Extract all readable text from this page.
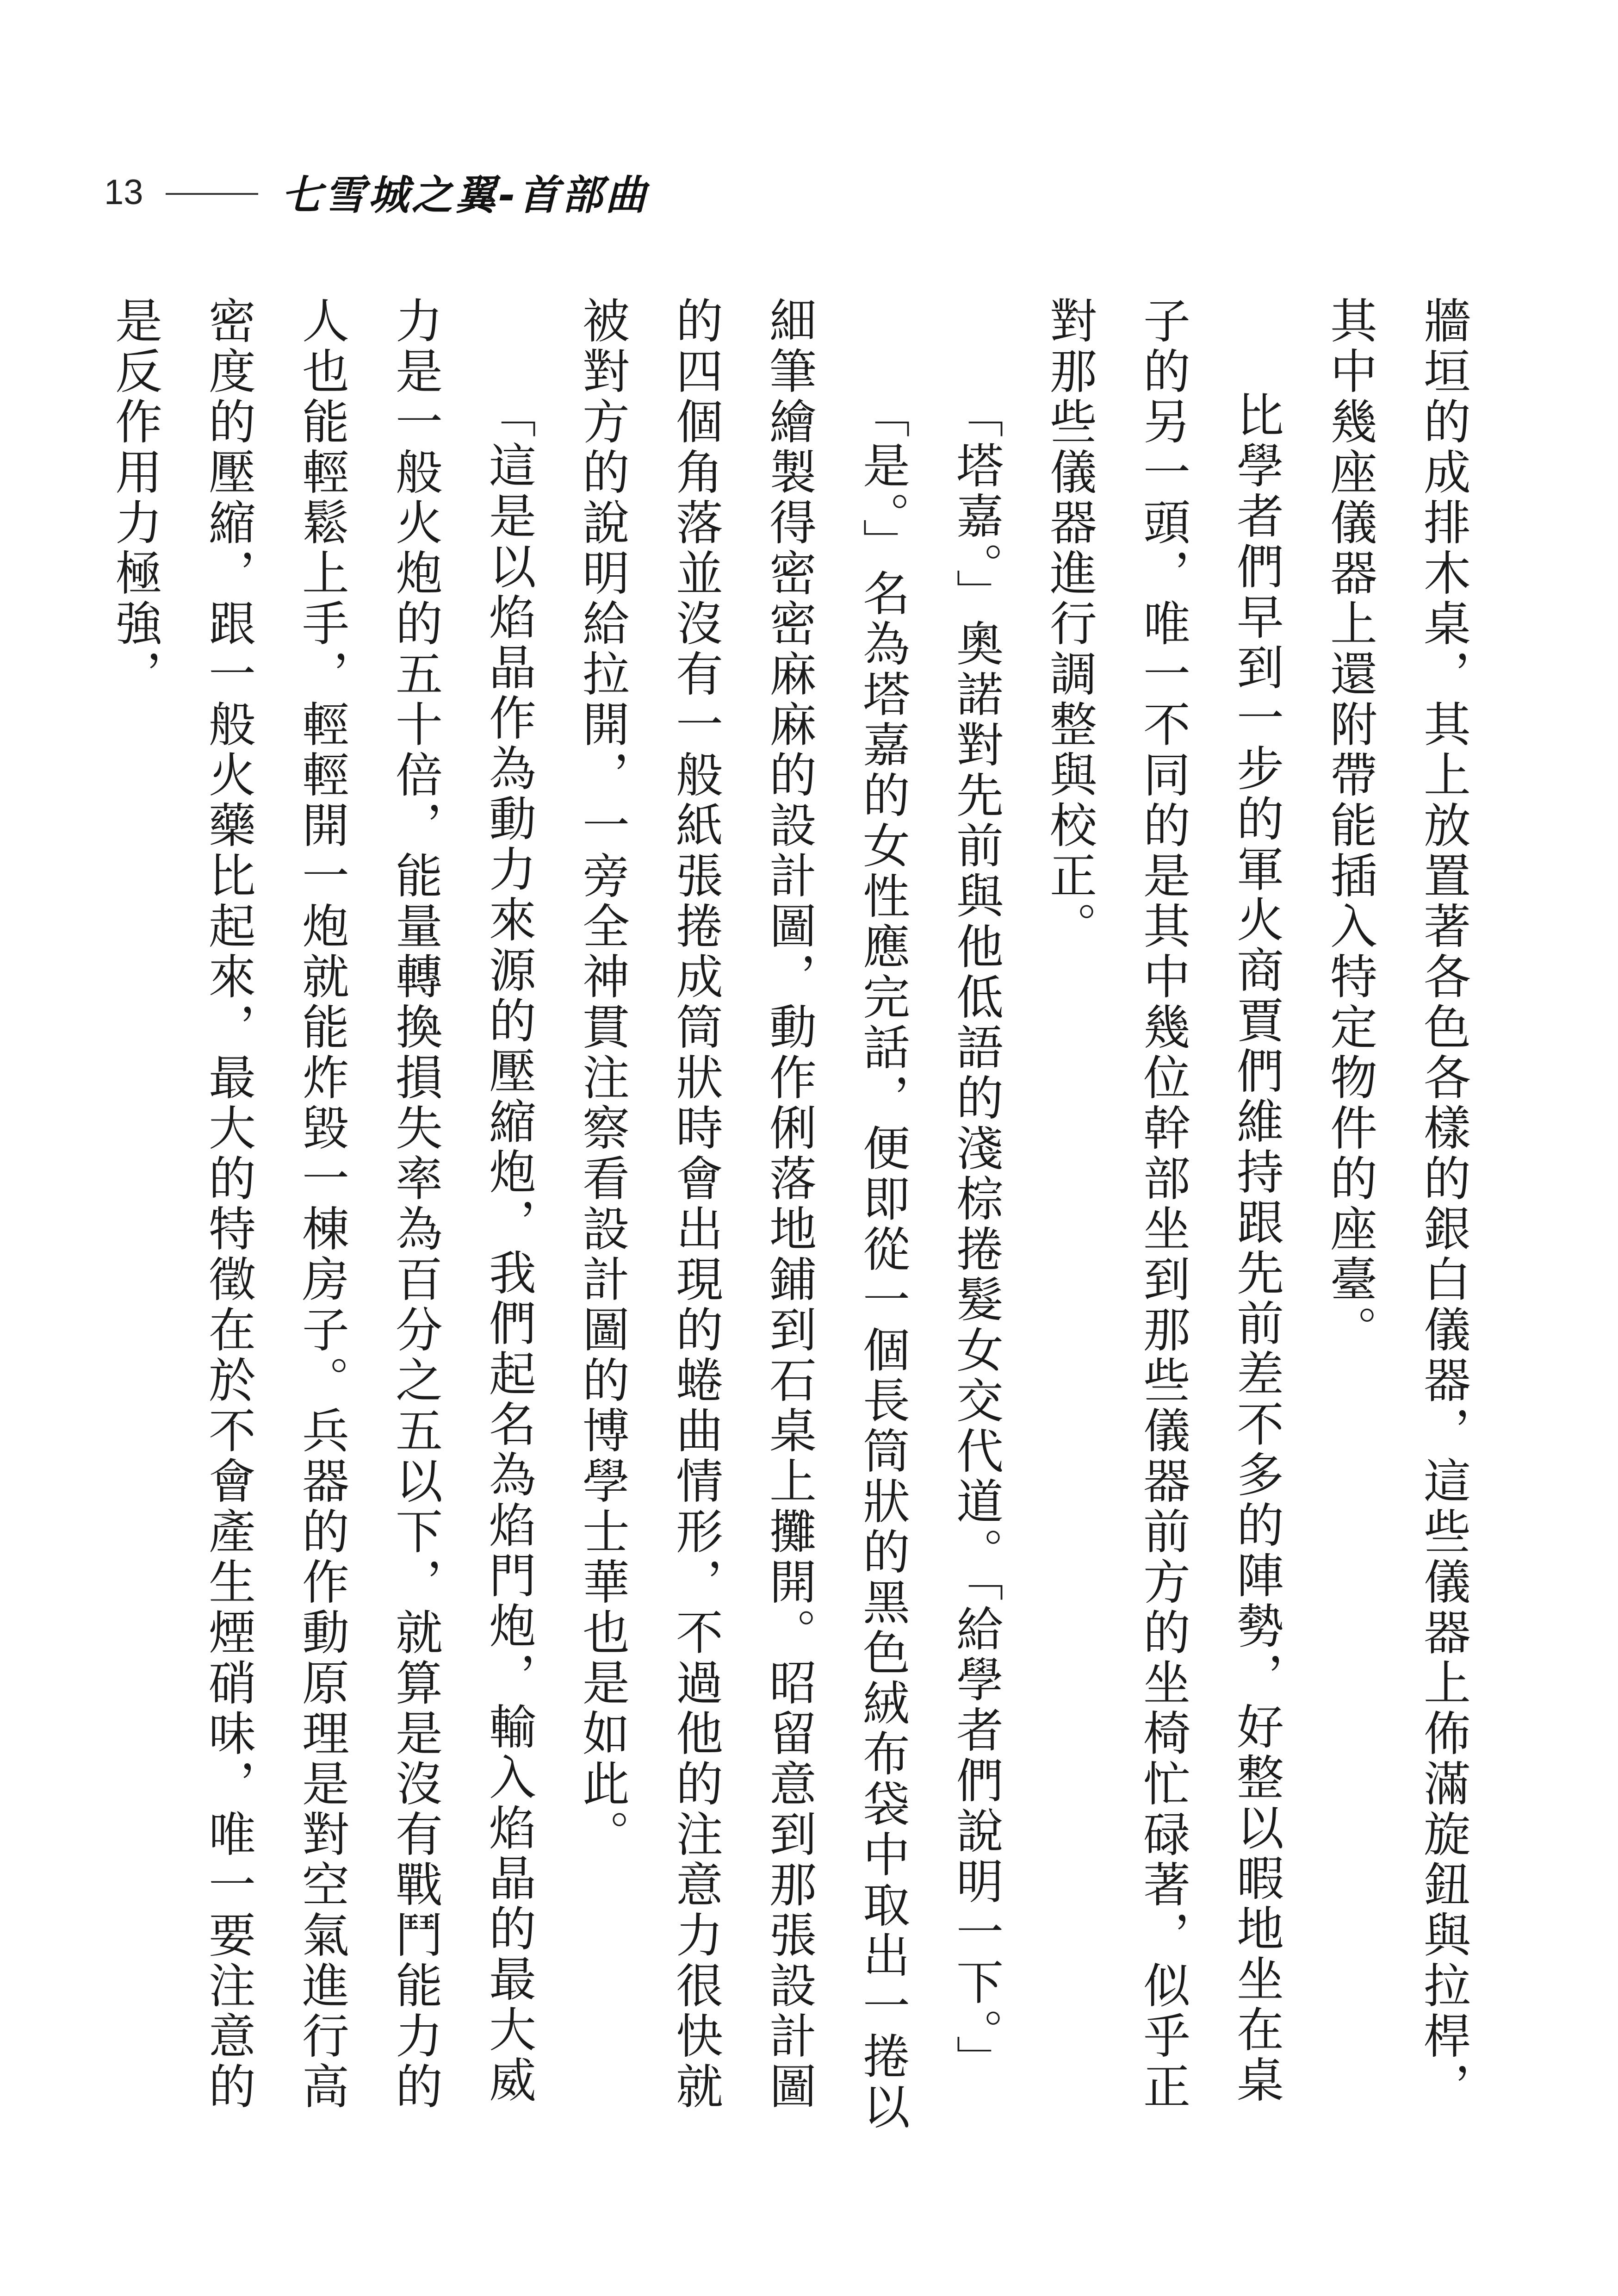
13	七雪城之翼-首部曲

牆垣的成排木桌，其上放置著各色各樣的銀白儀器，這些儀器上佈滿旋鈕與拉桿，其中幾座儀器上還附帶能插入特定物件的座臺。

比學者們早到一步的軍火商賈們維持跟先前差不多的陣勢，好整以暇地坐在桌子的另一頭，唯一不同的是其中幾位幹部坐到那些儀器前方的坐椅忙碌著，似乎正對那些儀器進行調整與校正。

「塔嘉。」奧諾對先前與他低語的淺棕捲髮女交代道。「給學者們說明一下。」

「是。」名為塔嘉的女性應完話，便即從一個長筒狀的黑色絨布袋中取出一捲以細筆繪製得密密麻麻的設計圖，動作俐落地鋪到石桌上攤開。昭留意到那張設計圖的四個角落並沒有一般紙張捲成筒狀時會出現的蜷曲情形，不過他的注意力很快就被對方的說明給拉開，一旁全神貫注察看設計圖的博學士華也是如此。

「這是以焰晶作為動力來源的壓縮炮，我們起名為焰門炮，輸入焰晶的最大威力是一般火炮的五十倍，能量轉換損失率為百分之五以下，就算是沒有戰鬥能力的人也能輕鬆上手，輕輕開一炮就能炸毀一棟房子。兵器的作動原理是對空氣進行高密度的壓縮，跟一般火藥比起來，最大的特徵在於不會產生煙硝味，唯一要注意的是反作用力極強，
